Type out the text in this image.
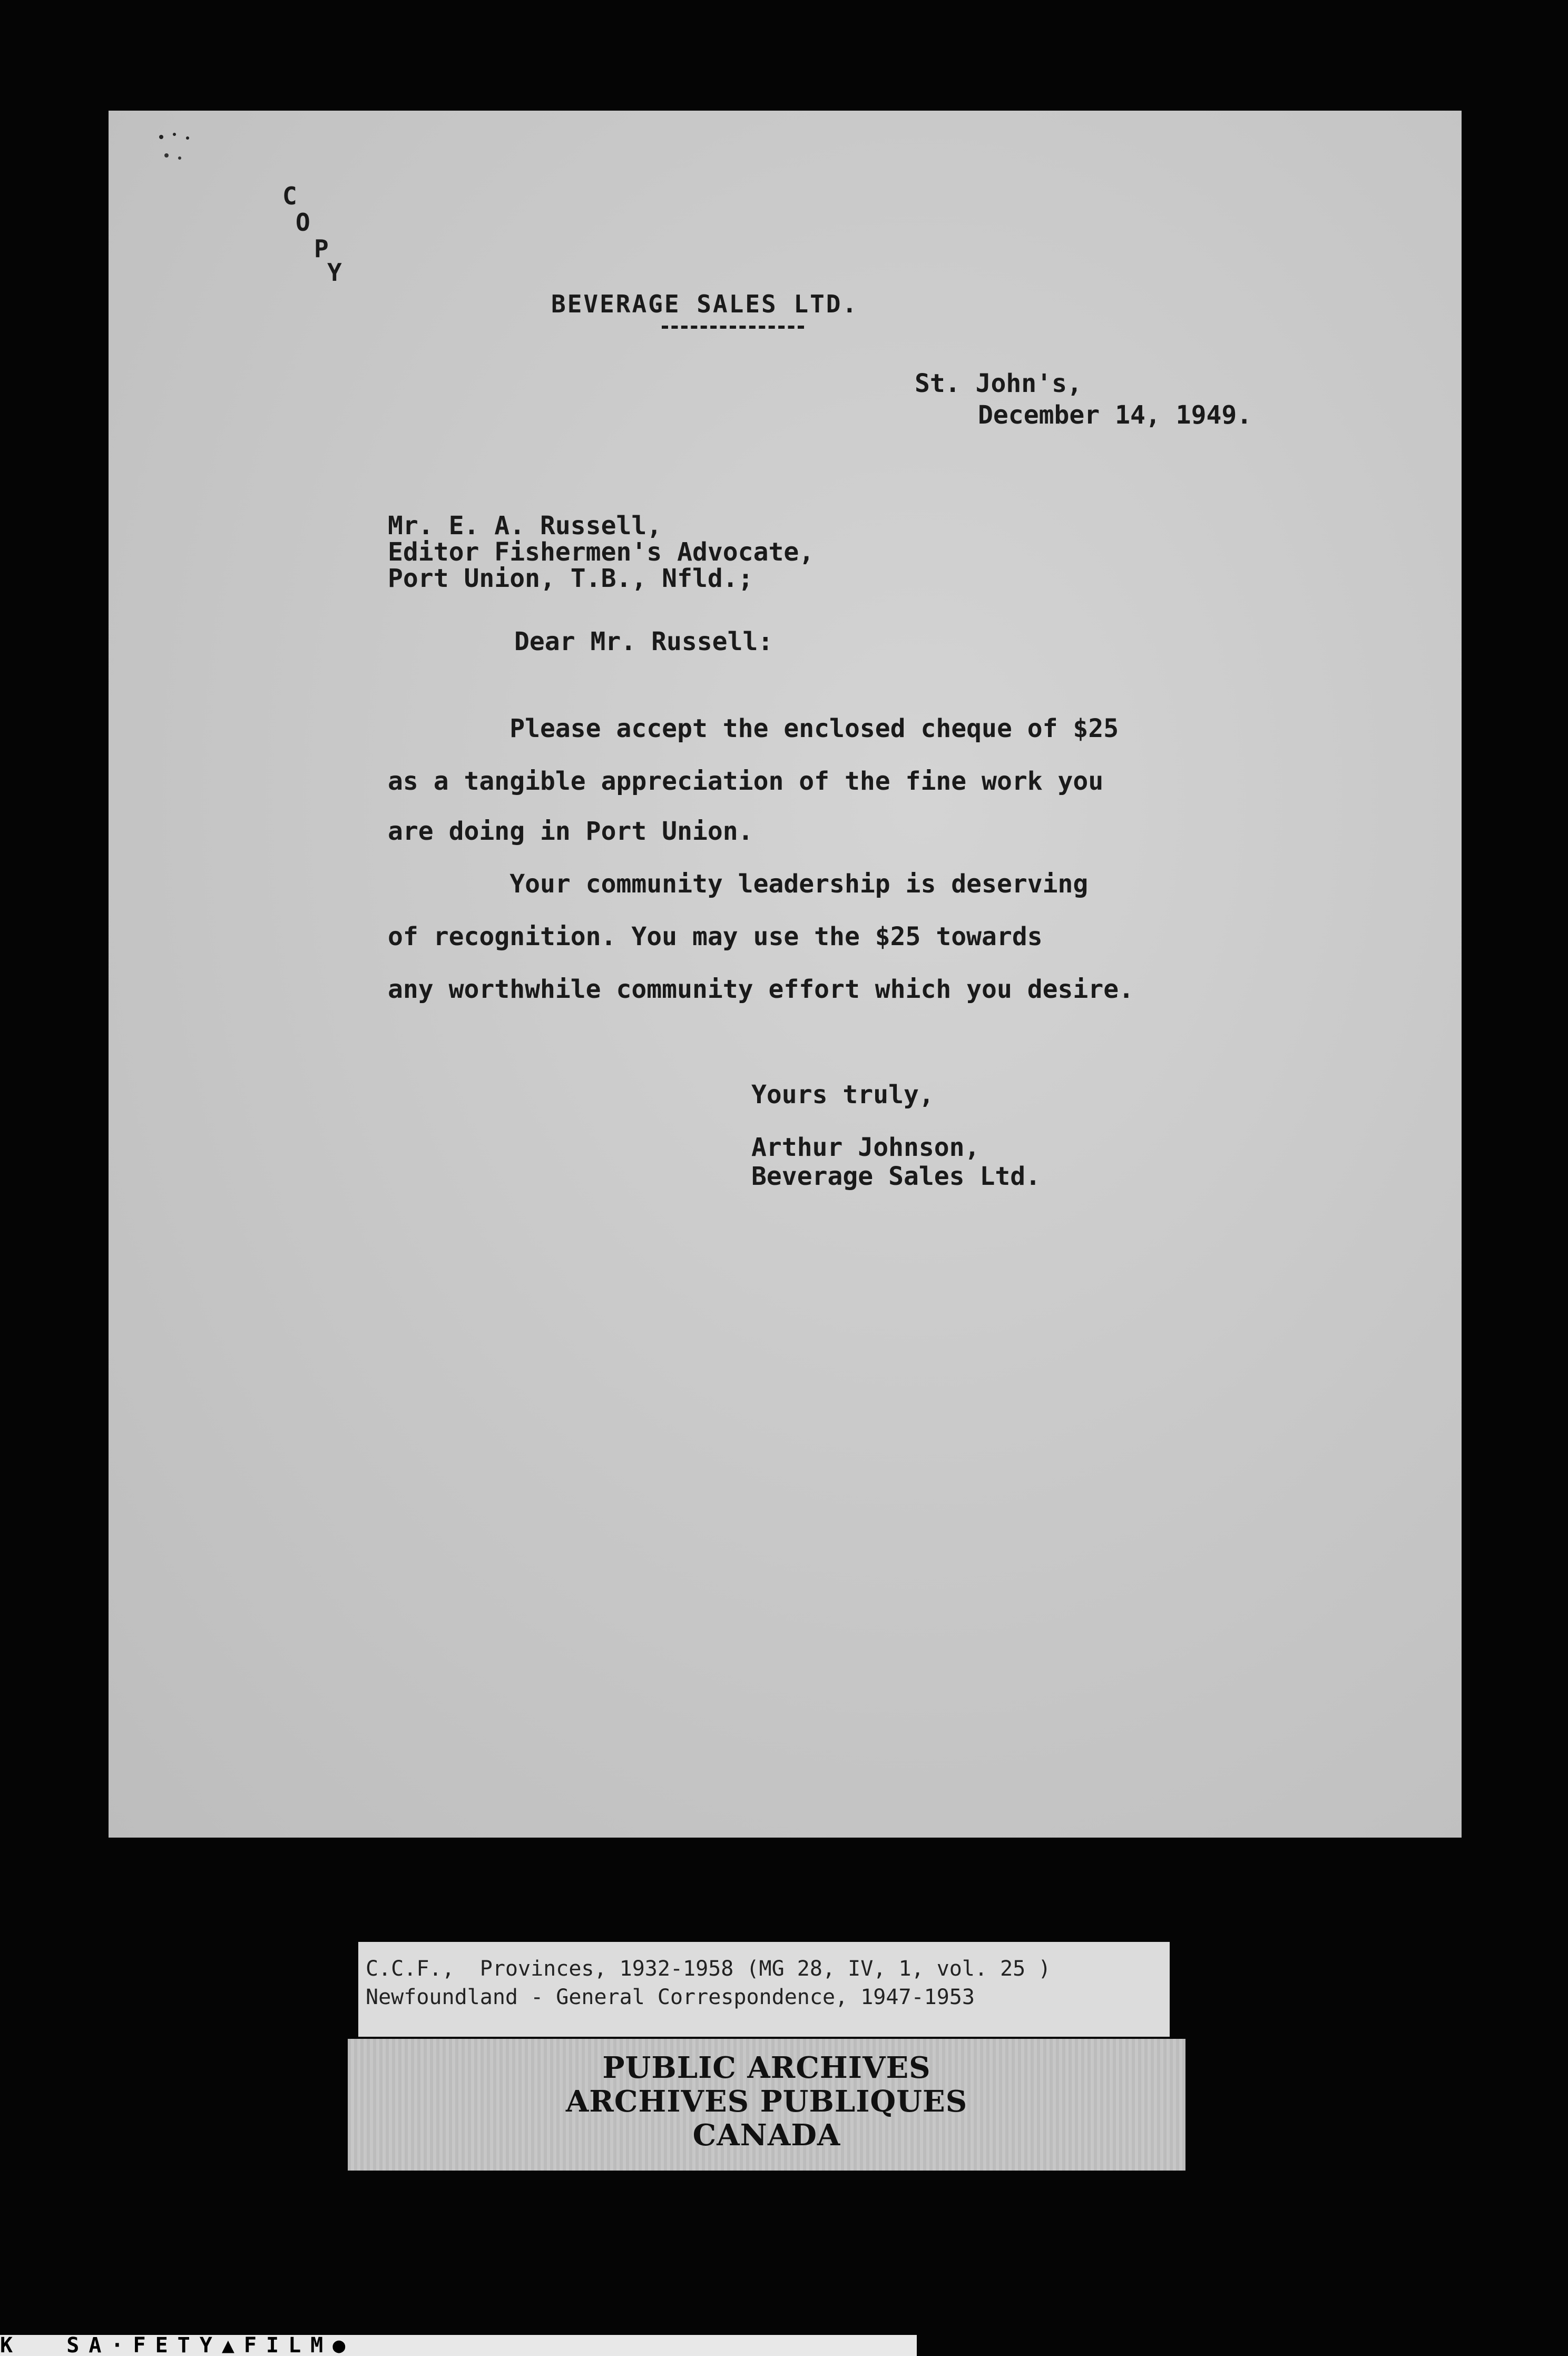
C
O
P
Y
BEVERAGE SALES LTD.
St. John's,
December 14, 1949.
Mr. E. A. Russell,
Editor Fishermen's Advocate,
Port Union, T.B., Nfld.;
Dear Mr. Russell:
Please accept the enclosed cheque of $25
as a tangible appreciation of the fine work you
are doing in Port Union.
Your community leadership is deserving
of recognition. You may use the $25 towards
any worthwhile community effort which you desire.
Yours truly,
Arthur Johnson,
Beverage Sales Ltd.
C.C.F.,  Provinces, 1932-1958 (MG 28, IV, 1, vol. 25 )
Newfoundland - General Correspondence, 1947-1953
PUBLIC ARCHIVES
ARCHIVES PUBLIQUES
CANADA
K  SA·FETY▲FILM●
